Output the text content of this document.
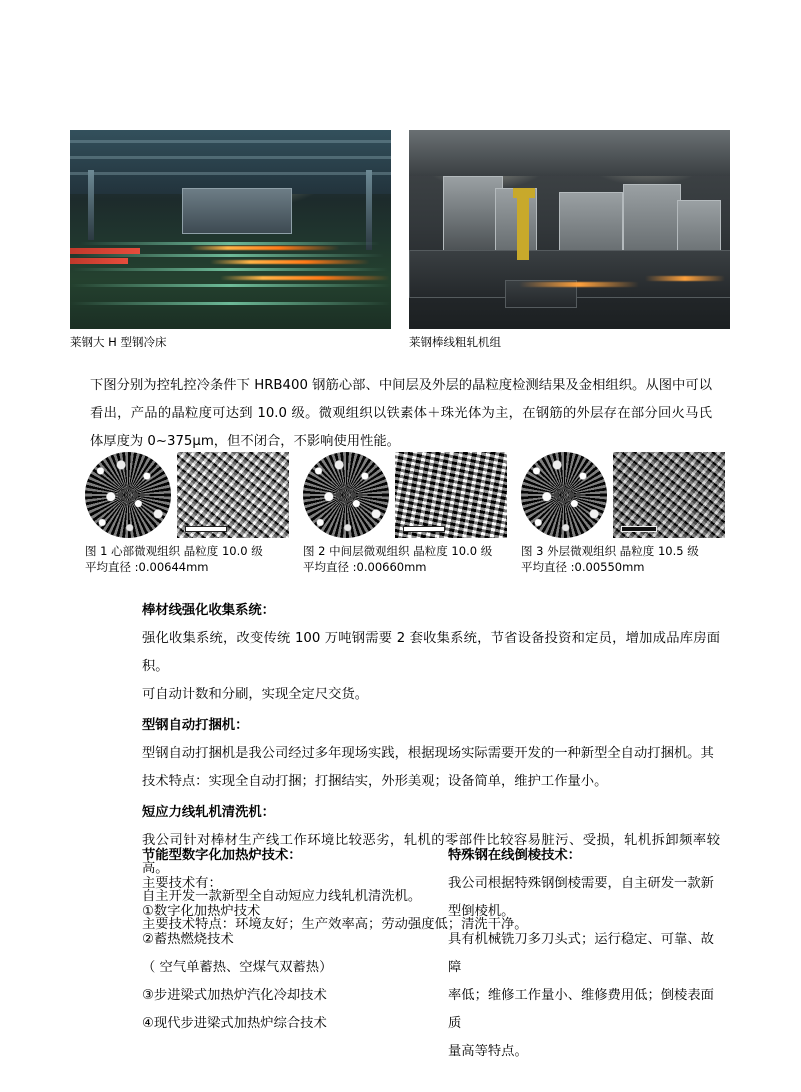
莱钢大 H 型钢冷床	莱钢棒线粗轧机组
下图分别为控轧控冷条件下 HRB400 钢筋心部、中间层及外层的晶粒度检测结果及金相组织。从图中可以看出，产品的晶粒度可达到 10.0 级。微观组织以铁素体＋珠光体为主，在钢筋的外层存在部分回火马氏体厚度为 0~375μm，但不闭合，不影响使用性能。
图 1 心部微观组织 晶粒度 10.0 级
平均直径 :0.00644mm
图 2 中间层微观组织 晶粒度 10.0 级
平均直径 :0.00660mm
图 3 外层微观组织 晶粒度 10.5 级
平均直径 :0.00550mm
棒材线强化收集系统：
强化收集系统，改变传统 100 万吨钢需要 2 套收集系统，节省设备投资和定员，增加成品库房面积。
可自动计数和分刷，实现全定尺交货。
型钢自动打捆机：
型钢自动打捆机是我公司经过多年现场实践，根据现场实际需要开发的一种新型全自动打捆机。其
技术特点：实现全自动打捆；打捆结实，外形美观；设备简单，维护工作量小。
短应力线轧机清洗机：
我公司针对棒材生产线工作环境比较恶劣，轧机的零部件比较容易脏污、受损，轧机拆卸频率较高。
自主开发一款新型全自动短应力线轧机清洗机。
主要技术特点：环境友好；生产效率高；劳动强度低；清洗干净。
节能型数字化加热炉技术：
主要技术有：
①数字化加热炉技术
②蓄热燃烧技术
（ 空气单蓄热、空煤气双蓄热）
③步进梁式加热炉汽化冷却技术
④现代步进梁式加热炉综合技术
特殊钢在线倒棱技术：
我公司根据特殊钢倒棱需要，自主研发一款新
型倒棱机。
具有机械铣刀多刀头式；运行稳定、可靠、故障
率低；维修工作量小、维修费用低；倒棱表面质
量高等特点。
